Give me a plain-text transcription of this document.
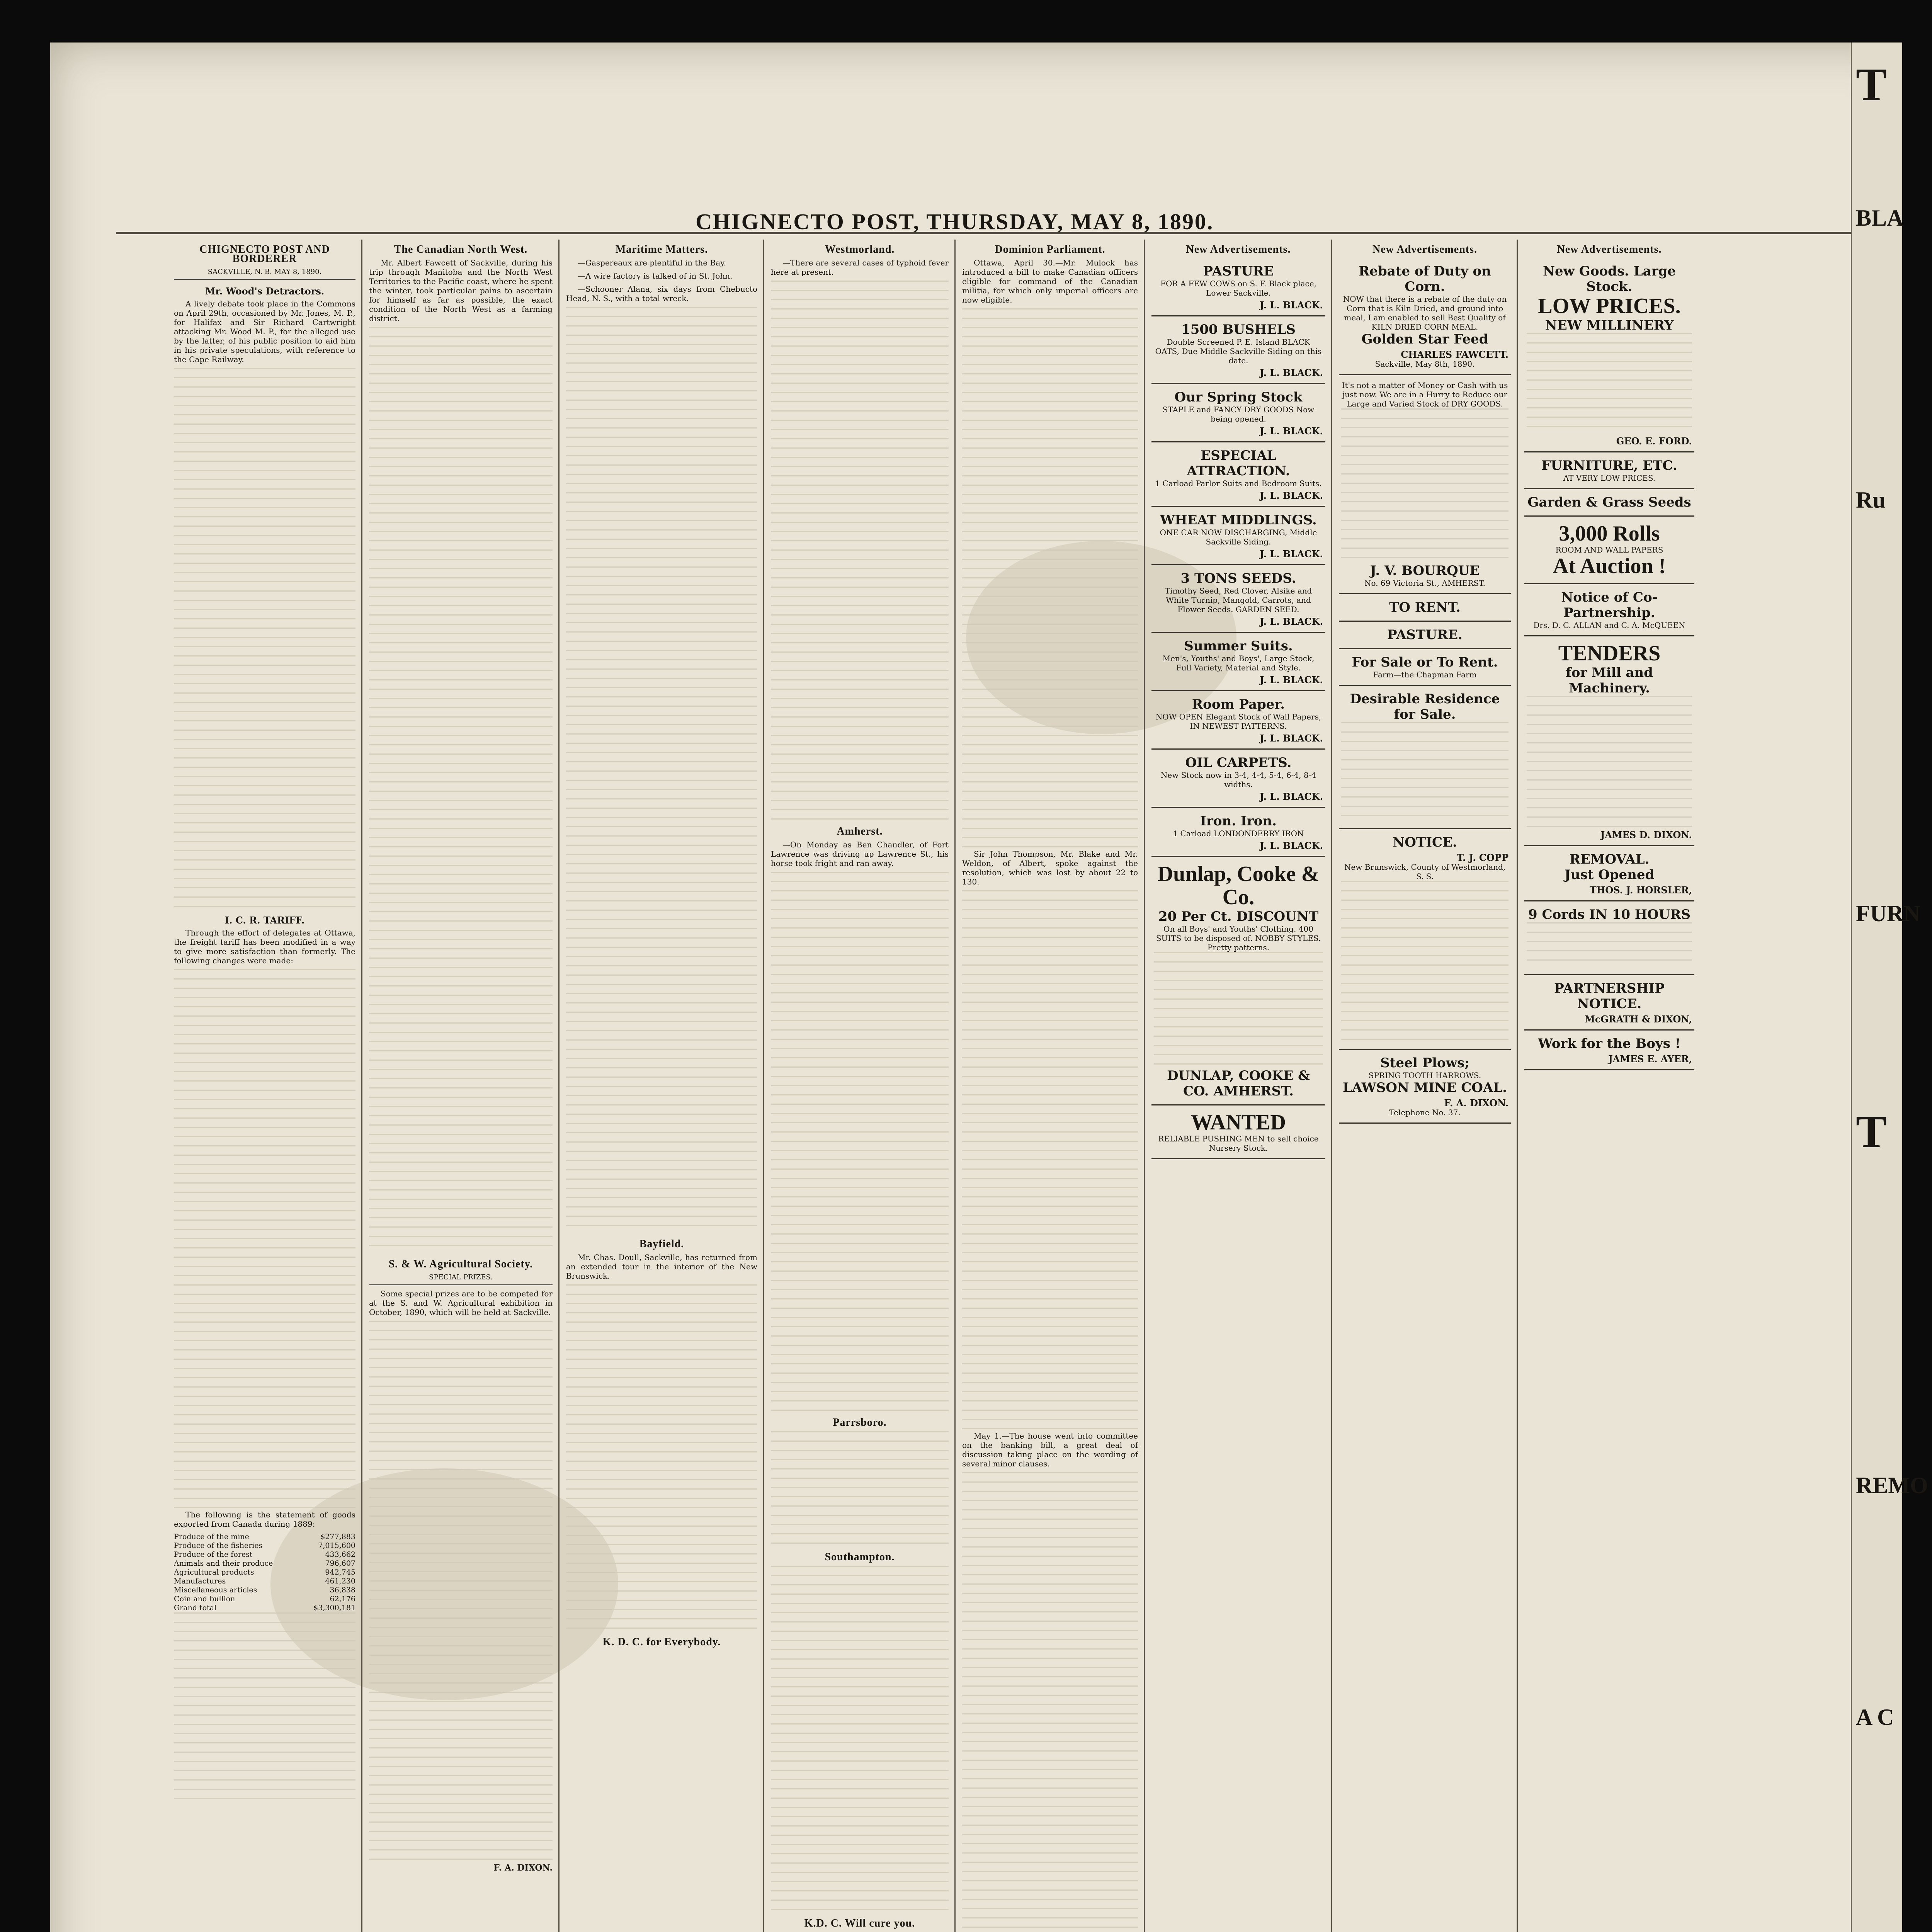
CHIGNECTO POST, THURSDAY, MAY 8, 1890.
CHIGNECTO POST AND BORDERER
SACKVILLE, N. B. MAY 8, 1890.
Mr. Wood's Detractors.

A lively debate took place in the Commons on April 29th, occasioned by Mr. Jones, M. P., for Halifax and Sir Richard Cartwright attacking Mr. Wood M. P., for the alleged use by the latter, of his public position to aid him in his private speculations, with reference to the Cape Railway.

I. C. R. TARIFF.

Through the effort of delegates at Ottawa, the freight tariff has been modified in a way to give more satisfaction than formerly. The following changes were made:

The following is the statement of goods exported from Canada during 1889:

Produce of the mine	$277,883
Produce of the fisheries	7,015,600
Produce of the forest	433,662
Animals and their produce	796,607
Agricultural products	942,745
Manufactures	461,230
Miscellaneous articles	36,838
Coin and bullion	62,176
Grand total	$3,300,181
The Canadian North West.

Mr. Albert Fawcett of Sackville, during his trip through Manitoba and the North West Territories to the Pacific coast, where he spent the winter, took particular pains to ascertain for himself as far as possible, the exact condition of the North West as a farming district.

S. & W. Agricultural Society.
SPECIAL PRIZES.

Some special prizes are to be competed for at the S. and W. Agricultural exhibition in October, 1890, which will be held at Sackville.

F. A. DIXON.
Maritime Matters.

—Gaspereaux are plentiful in the Bay.

—A wire factory is talked of in St. John.

—Schooner Alana, six days from Chebucto Head, N. S., with a total wreck.

Bayfield.

Mr. Chas. Doull, Sackville, has returned from an extended tour in the interior of the New Brunswick.

K. D. C. for Everybody.
Westmorland.

—There are several cases of typhoid fever here at present.

Amherst.

—On Monday as Ben Chandler, of Fort Lawrence was driving up Lawrence St., his horse took fright and ran away.

Parrsboro.
Southampton.
K.D. C. Will cure you.
Dominion Parliament.

Ottawa, April 30.—Mr. Mulock has introduced a bill to make Canadian officers eligible for command of the Canadian militia, for which only imperial officers are now eligible.

Sir John Thompson, Mr. Blake and Mr. Weldon, of Albert, spoke against the resolution, which was lost by about 22 to 130.

May 1.—The house went into committee on the banking bill, a great deal of discussion taking place on the wording of several minor clauses.

New Advertisements.
PASTURE
FOR A FEW COWS on S. F. Black place, Lower Sackville.
J. L. BLACK.
1500 BUSHELS
Double Screened P. E. Island BLACK OATS, Due Middle Sackville Siding on this date.
J. L. BLACK.
Our Spring Stock
STAPLE and FANCY DRY GOODS Now being opened.
J. L. BLACK.
ESPECIAL ATTRACTION.
1 Carload Parlor Suits and Bedroom Suits.
J. L. BLACK.
WHEAT MIDDLINGS.
ONE CAR NOW DISCHARGING, Middle Sackville Siding.
J. L. BLACK.
3 TONS SEEDS.
Timothy Seed, Red Clover, Alsike and White Turnip, Mangold, Carrots, and Flower Seeds. GARDEN SEED.
J. L. BLACK.
Summer Suits.
Men's, Youths' and Boys', Large Stock, Full Variety, Material and Style.
J. L. BLACK.
Room Paper.
NOW OPEN Elegant Stock of Wall Papers, IN NEWEST PATTERNS.
J. L. BLACK.
OIL CARPETS.
New Stock now in 3-4, 4-4, 5-4, 6-4, 8-4 widths.
J. L. BLACK.
Iron. Iron.
1 Carload LONDONDERRY IRON
J. L. BLACK.
Dunlap, Cooke & Co.
20 Per Ct. DISCOUNT
On all Boys' and Youths' Clothing. 400 SUITS to be disposed of. NOBBY STYLES. Pretty patterns.
DUNLAP, COOKE & CO. AMHERST.
WANTED
RELIABLE PUSHING MEN to sell choice Nursery Stock.
New Advertisements.
Rebate of Duty on Corn.
NOW that there is a rebate of the duty on Corn that is Kiln Dried, and ground into meal, I am enabled to sell Best Quality of KILN DRIED CORN MEAL.
Golden Star Feed
CHARLES FAWCETT.
Sackville, May 8th, 1890.
It's not a matter of Money or Cash with us just now. We are in a Hurry to Reduce our Large and Varied Stock of DRY GOODS.
J. V. BOURQUE
No. 69 Victoria St., AMHERST.
TO RENT.
PASTURE.
For Sale or To Rent.
Farm—the Chapman Farm
Desirable Residence for Sale.
NOTICE.
T. J. COPP
New Brunswick, County of Westmorland, S. S.
Steel Plows;
SPRING TOOTH HARROWS.
LAWSON MINE COAL.
F. A. DIXON.
Telephone No. 37.
New Advertisements.
New Goods. Large Stock.
LOW PRICES.
NEW MILLINERY
GEO. E. FORD.
FURNITURE, ETC.
AT VERY LOW PRICES.
Garden & Grass Seeds
3,000 Rolls
ROOM AND WALL PAPERS
At Auction !
Notice of Co-Partnership.
Drs. D. C. ALLAN and C. A. McQUEEN
TENDERS
for Mill and Machinery.
JAMES D. DIXON.
REMOVAL.
Just Opened
THOS. J. HORSLER,
9 Cords IN 10 HOURS
PARTNERSHIP NOTICE.
McGRATH & DIXON,
Work for the Boys !
JAMES E. AYER,
T
BLA
Ru
FURN
T
REMO
A C
